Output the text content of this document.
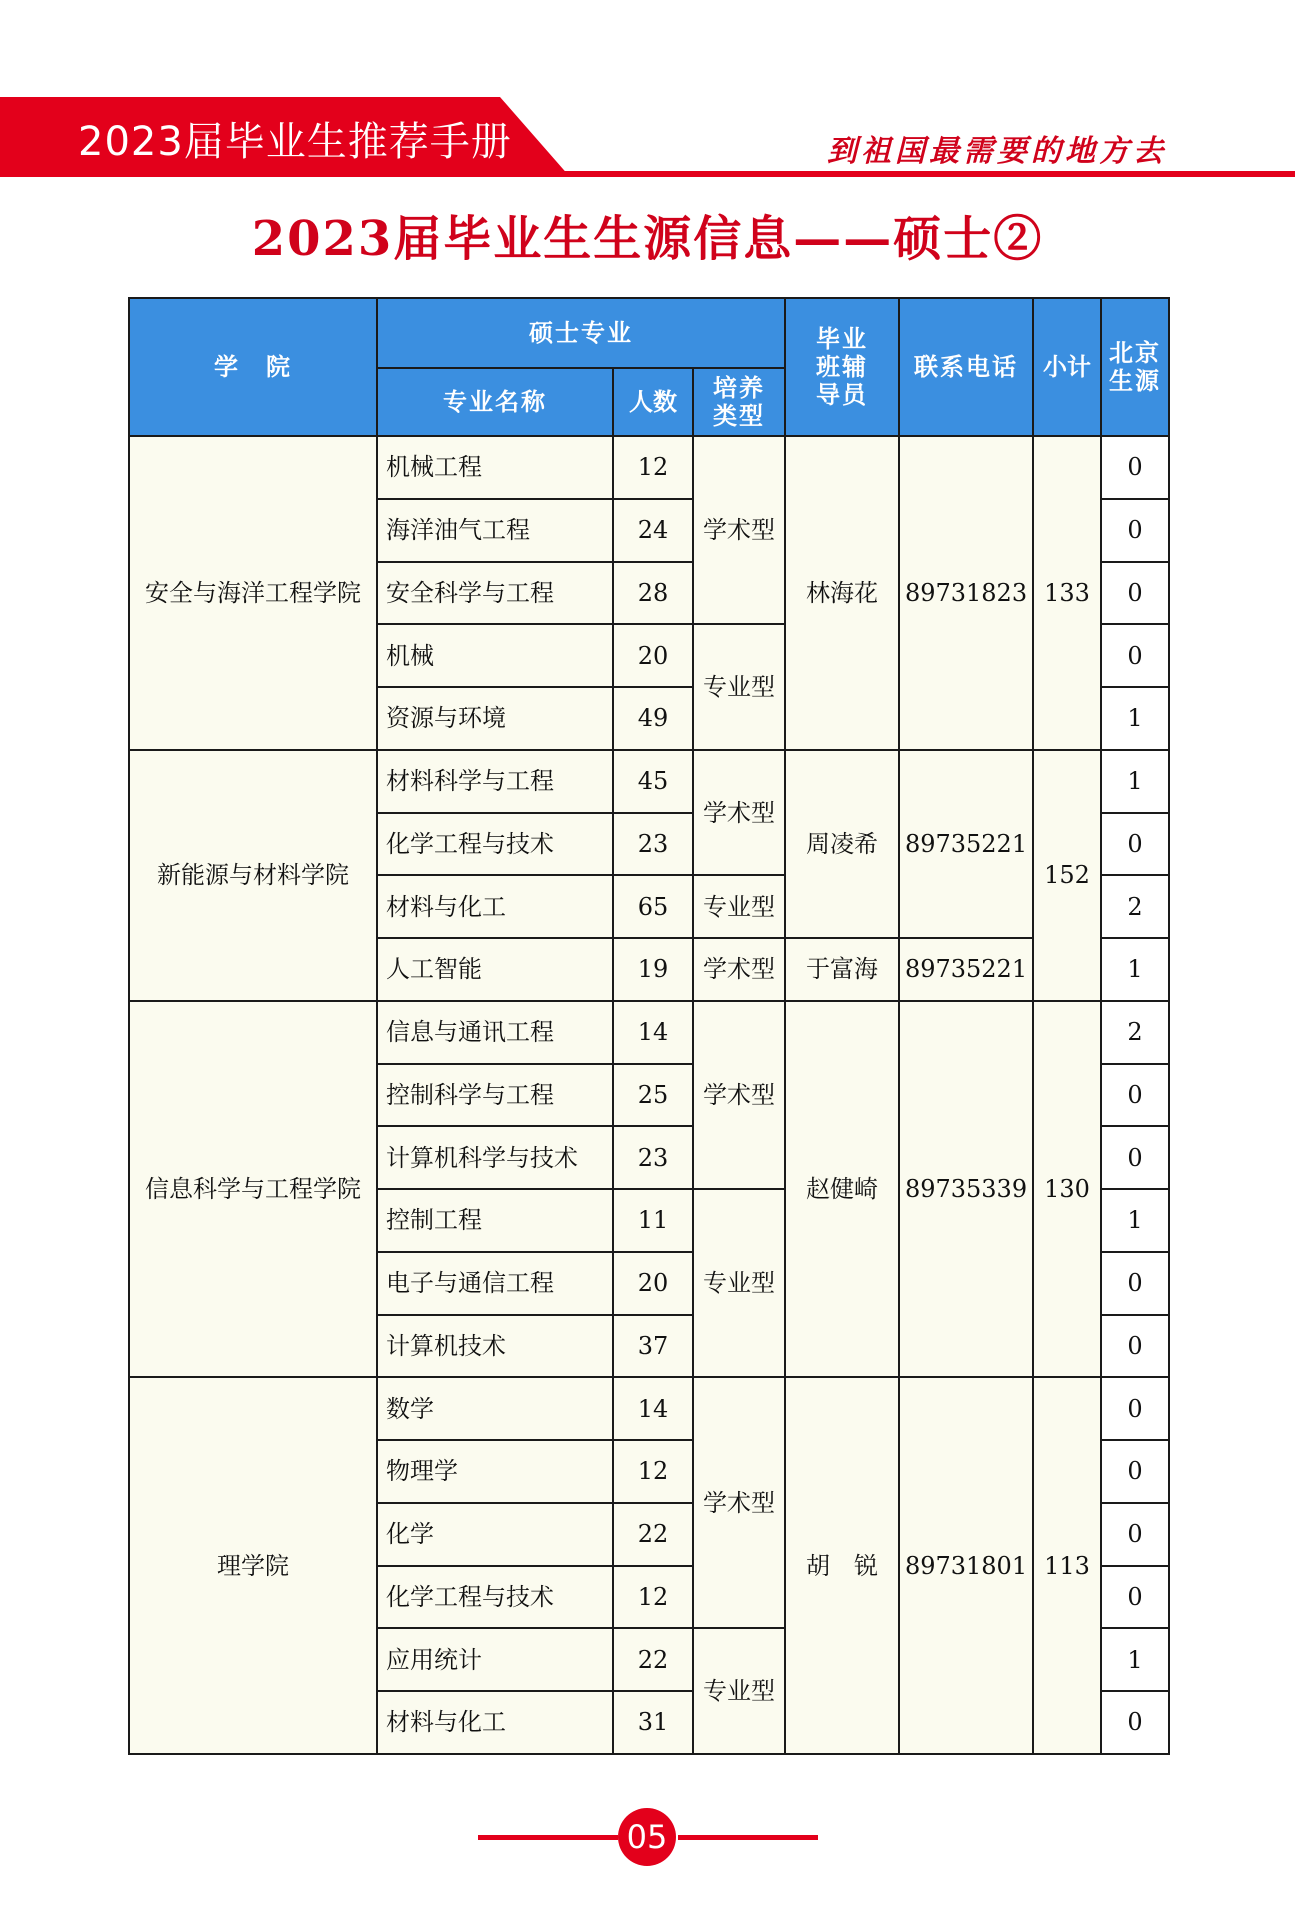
2023届毕业生推荐手册	到祖国最需要的地方去
2023届毕业生生源信息——硕士②
学　院	硕士专业			毕业班辅导员	联系电话	小计	北京生源
	专业名称	人数	培养类型				
安全与海洋工程学院	机械工程	12	学术型	林海花	89731823	133	0
	海洋油气工程	24					0
	安全科学与工程	28					0
	机械	20	专业型				0
	资源与环境	49					1
新能源与材料学院	材料科学与工程	45	学术型	周凌希	89735221	152	1
	化学工程与技术	23					0
	材料与化工	65	专业型				2
	人工智能	19	学术型	于富海	89735221		1
信息科学与工程学院	信息与通讯工程	14	学术型	赵健崎	89735339	130	2
	控制科学与工程	25					0
	计算机科学与技术	23					0
	控制工程	11	专业型				1
	电子与通信工程	20					0
	计算机技术	37					0
理学院	数学	14	学术型	胡　锐	89731801	113	0
	物理学	12					0
	化学	22					0
	化学工程与技术	12					0
	应用统计	22	专业型				1
	材料与化工	31					0
05
